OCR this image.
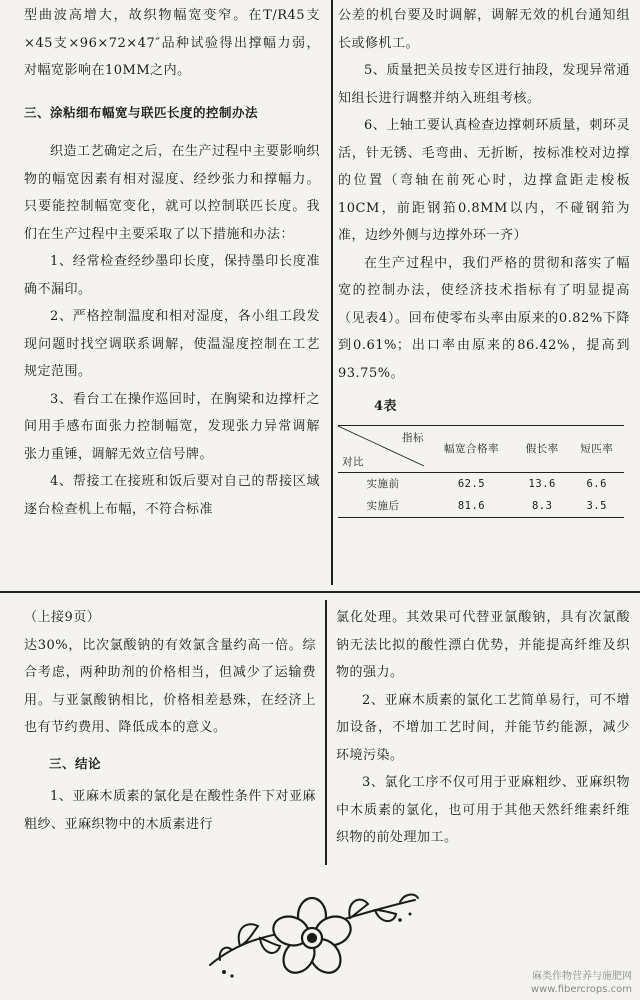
型曲波高增大，故织物幅宽变窄。在T/R45支×45支×96×72×47″品种试验得出撑幅力弱，对幅宽影响在10MM之内。

三、涂粘细布幅宽与联匹长度的控制办法

织造工艺确定之后，在生产过程中主要影响织物的幅宽因素有相对湿度、经纱张力和撑幅力。只要能控制幅宽变化，就可以控制联匹长度。我们在生产过程中主要采取了以下措施和办法：

1、经常检查经纱墨印长度，保持墨印长度准确不漏印。

2、严格控制温度和相对湿度，各小组工段发现问题时找空调联系调解，使温湿度控制在工艺规定范围。

3、看台工在操作巡回时，在胸梁和边撑杆之间用手感布面张力控制幅宽，发现张力异常调解张力重锤，调解无效立信号牌。

4、帮接工在接班和饭后要对自己的帮接区域逐台检查机上布幅，不符合标准

公差的机台要及时调解，调解无效的机台通知组长或修机工。

5、质量把关员按专区进行抽段，发现异常通知组长进行调整并纳入班组考核。

6、上轴工要认真检查边撑刺环质量，刺环灵活，针无锈、毛弯曲、无折断，按标准校对边撑的位置（弯轴在前死心时，边撑盒距走梭板10CM，前距钢筘0.8MM以内，不碰钢筘为准，边纱外侧与边撑外环一齐）

在生产过程中，我们严格的贯彻和落实了幅宽的控制办法，使经济技术指标有了明显提高（见表4）。回布使零布头率由原来的0.82%下降到0.61%；出口率由原来的86.42%，提高到93.75%。

4表
指标
对比	幅宽合格率	假长率	短匹率
实施前	62.5	13.6	6.6
实施后	81.6	8.3	3.5

（上接9页）

达30%，比次氯酸钠的有效氯含量约高一倍。综合考虑，两种助剂的价格相当，但减少了运输费用。与亚氯酸钠相比，价格相差悬殊，在经济上也有节约费用、降低成本的意义。

三、结论

1、亚麻木质素的氯化是在酸性条件下对亚麻粗纱、亚麻织物中的木质素进行

氯化处理。其效果可代替亚氯酸钠，具有次氯酸钠无法比拟的酸性漂白优势，并能提高纤维及织物的强力。

2、亚麻木质素的氯化工艺简单易行，可不增加设备，不增加工艺时间，并能节约能源，减少环境污染。

3、氯化工序不仅可用于亚麻粗纱、亚麻织物中木质素的氯化，也可用于其他天然纤维素纤维织物的前处理加工。

麻类作物营养与施肥网
www.fibercrops.com
